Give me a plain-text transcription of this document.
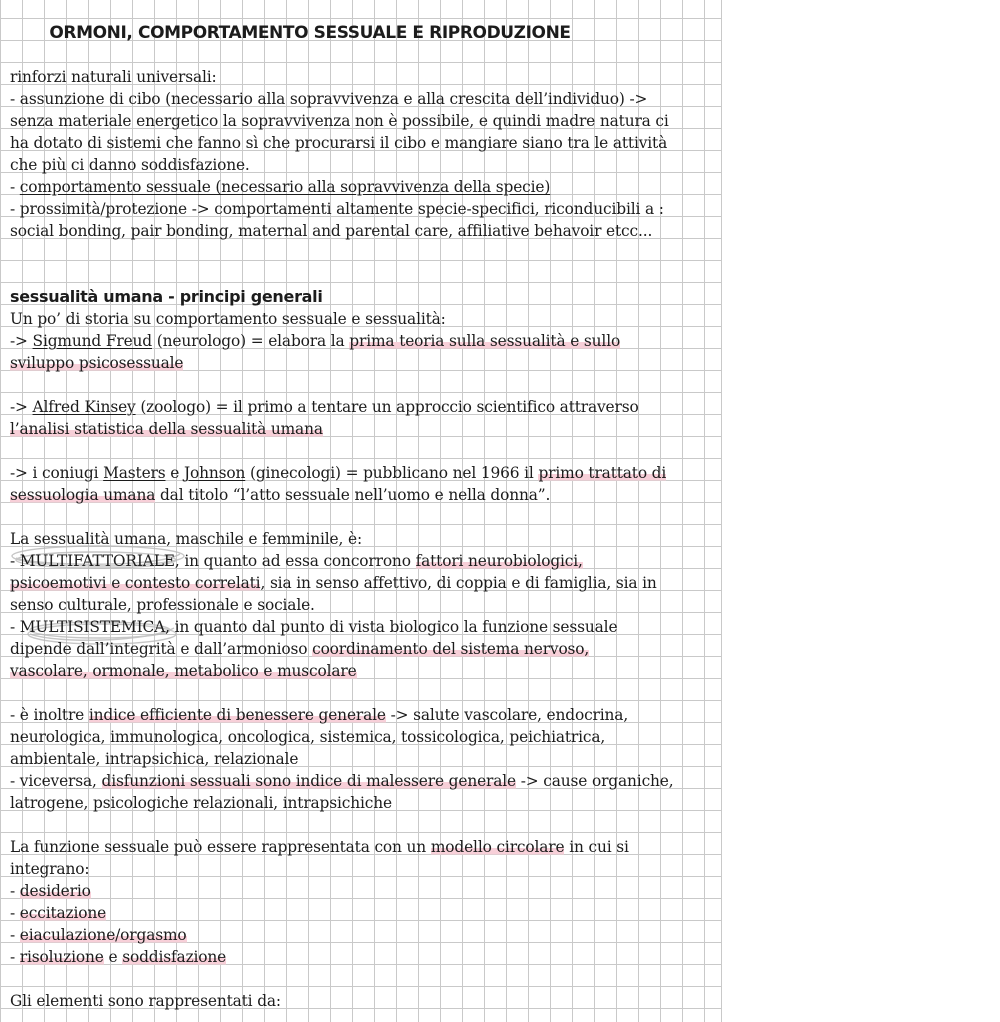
ORMONI, COMPORTAMENTO SESSUALE E RIPRODUZIONE
rinforzi naturali universali:
- assunzione di cibo (necessario alla sopravvivenza e alla crescita dell’individuo) ->
senza materiale energetico la sopravvivenza non è possibile, e quindi madre natura ci
ha dotato di sistemi che fanno sì che procurarsi il cibo e mangiare siano tra le attività
che più ci danno soddisfazione.
- comportamento sessuale (necessario alla sopravvivenza della specie)
- prossimità/protezione -> comportamenti altamente specie-specifici, riconducibili a :
social bonding, pair bonding, maternal and parental care, affiliative behavoir etcc...
sessualità umana - principi generali
Un po’ di storia su comportamento sessuale e sessualità:
-> Sigmund Freud (neurologo) = elabora la prima teoria sulla sessualità e sullo
sviluppo psicosessuale
-> Alfred Kinsey (zoologo) = il primo a tentare un approccio scientifico attraverso
l’analisi statistica della sessualità umana
-> i coniugi Masters e Johnson (ginecologi) = pubblicano nel 1966 il primo trattato di
sessuologia umana dal titolo “l’atto sessuale nell’uomo e nella donna”.
La sessualità umana, maschile e femminile, è:
- MULTIFATTORIALE, in quanto ad essa concorrono fattori neurobiologici,
psicoemotivi e contesto correlati, sia in senso affettivo, di coppia e di famiglia, sia in
senso culturale, professionale e sociale.
- MULTISISTEMICA, in quanto dal punto di vista biologico la funzione sessuale
dipende dall’integrità e dall’armonioso coordinamento del sistema nervoso,
vascolare, ormonale, metabolico e muscolare
- è inoltre indice efficiente di benessere generale -> salute vascolare, endocrina,
neurologica, immunologica, oncologica, sistemica, tossicologica, peichiatrica,
ambientale, intrapsichica, relazionale
- viceversa, disfunzioni sessuali sono indice di malessere generale -> cause organiche,
latrogene, psicologiche relazionali, intrapsichiche
La funzione sessuale può essere rappresentata con un modello circolare in cui si
integrano:
- desiderio
- eccitazione
- eiaculazione/orgasmo
- risoluzione e soddisfazione
Gli elementi sono rappresentati da:
